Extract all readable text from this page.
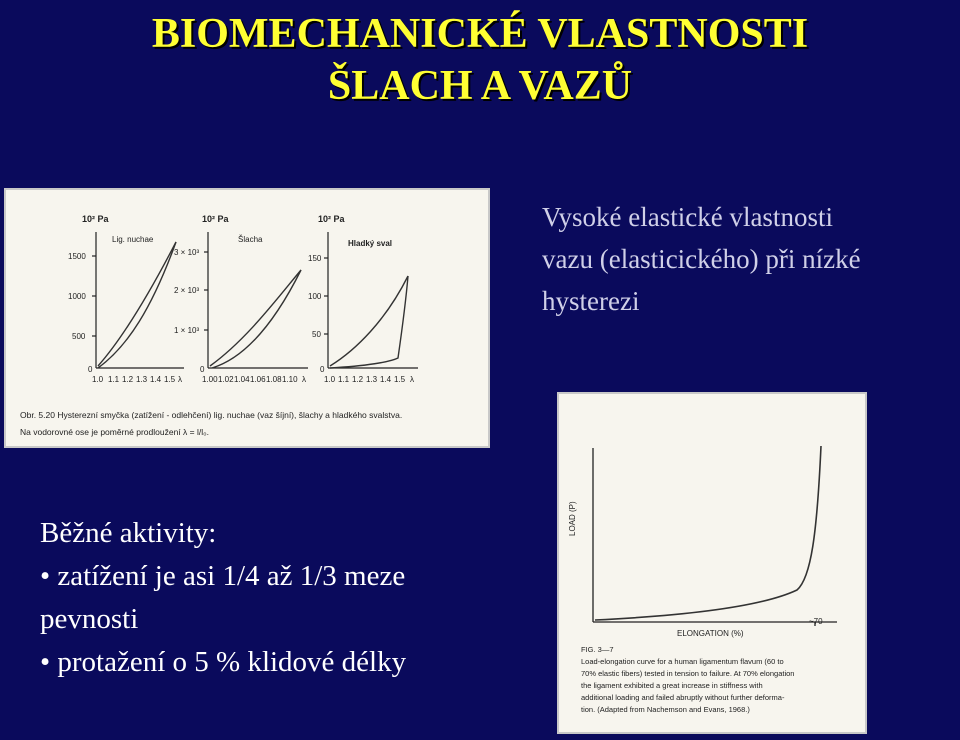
BIOMECHANICKÉ VLASTNOSTI
ŠLACH A VAZŮ
10² Pa
Lig. nuchae
1500
1000
500
0
1.0 1.1 1.2 1.3 1.4 1.5 λ
10² Pa
Šlacha
3 × 10³
2 × 10³
1 × 10³
0
1.00 1.02 1.04 1.06 1.08 1.10 λ
10² Pa
Hladký sval
150
100
50
0
1.0 1.1 1.2 1.3 1.4 1.5 λ
Obr. 5.20 Hysterezní smyčka (zatížení - odlehčení) lig. nuchae (vaz šíjní), šlachy a hladkého svalstva.
Na vodorovné ose je poměrné prodloužení λ = l/l₀.
Vysoké elastické vlastnosti
vazu (elasticického) při nízké
hysterezi
Běžné aktivity:
• zatížení je asi 1/4 až 1/3 meze
pevnosti
• protažení o 5 % klidové délky
LOAD (P)
ELONGATION (%)
~70
FIG. 3—7
Load-elongation curve for a human ligamentum flavum (60 to
70% elastic fibers) tested in tension to failure. At 70% elongation
the ligament exhibited a great increase in stiffness with
additional loading and failed abruptly without further deforma-
tion. (Adapted from Nachemson and Evans, 1968.)
